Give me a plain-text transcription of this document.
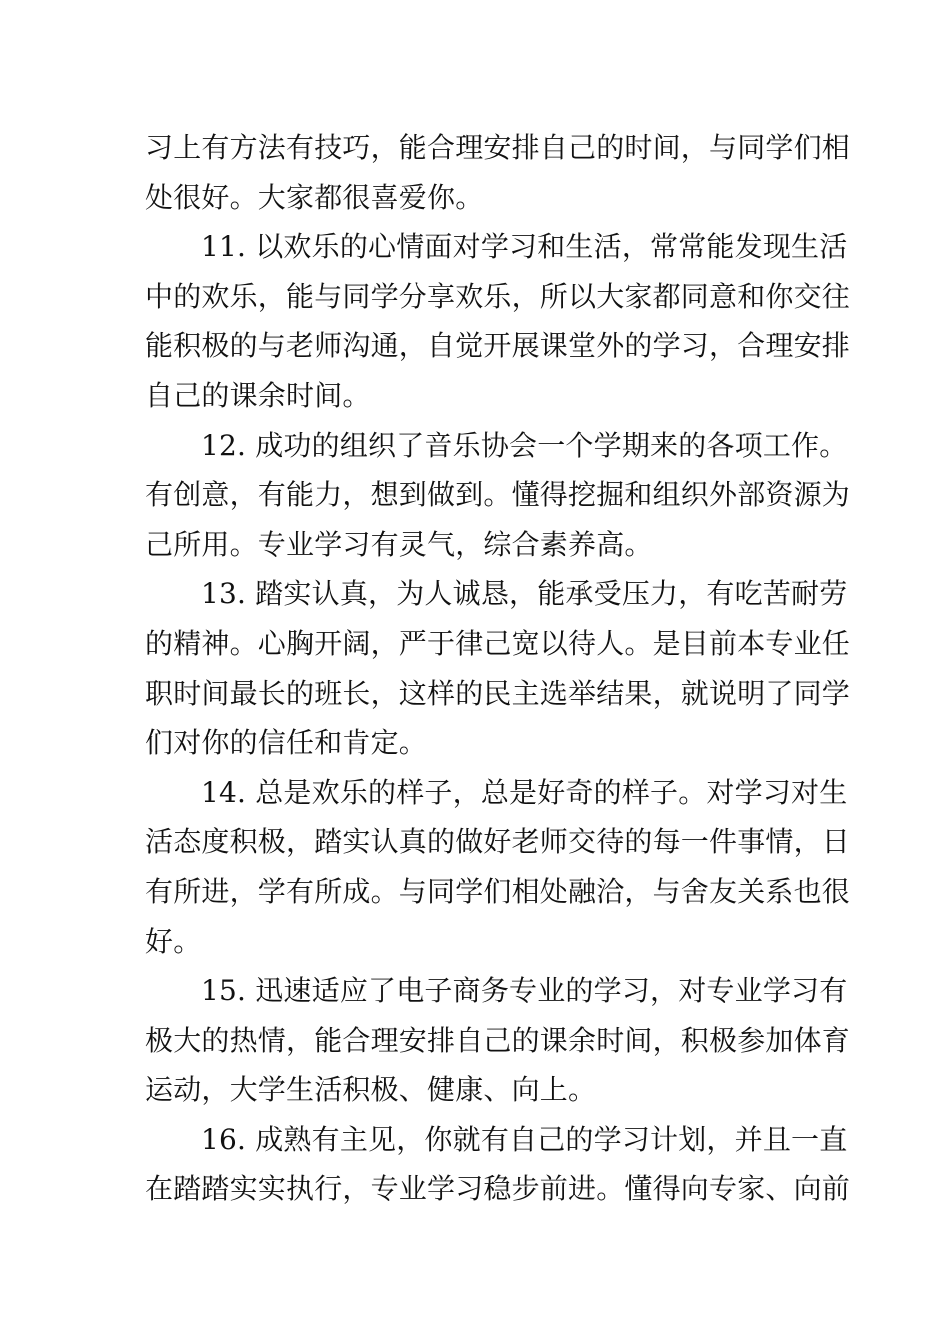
习上有方法有技巧，能合理安排自己的时间，与同学们相
处很好。大家都很喜爱你。
11. 以欢乐的心情面对学习和生活，常常能发现生活
中的欢乐，能与同学分享欢乐，所以大家都同意和你交往
能积极的与老师沟通，自觉开展课堂外的学习，合理安排
自己的课余时间。
12. 成功的组织了音乐协会一个学期来的各项工作。
有创意，有能力，想到做到。懂得挖掘和组织外部资源为
己所用。专业学习有灵气，综合素养高。
13. 踏实认真，为人诚恳，能承受压力，有吃苦耐劳
的精神。心胸开阔，严于律己宽以待人。是目前本专业任
职时间最长的班长，这样的民主选举结果，就说明了同学
们对你的信任和肯定。
14. 总是欢乐的样子，总是好奇的样子。对学习对生
活态度积极，踏实认真的做好老师交待的每一件事情，日
有所进，学有所成。与同学们相处融洽，与舍友关系也很
好。
15. 迅速适应了电子商务专业的学习，对专业学习有
极大的热情，能合理安排自己的课余时间，积极参加体育
运动，大学生活积极、健康、向上。
16. 成熟有主见，你就有自己的学习计划，并且一直
在踏踏实实执行，专业学习稳步前进。懂得向专家、向前
